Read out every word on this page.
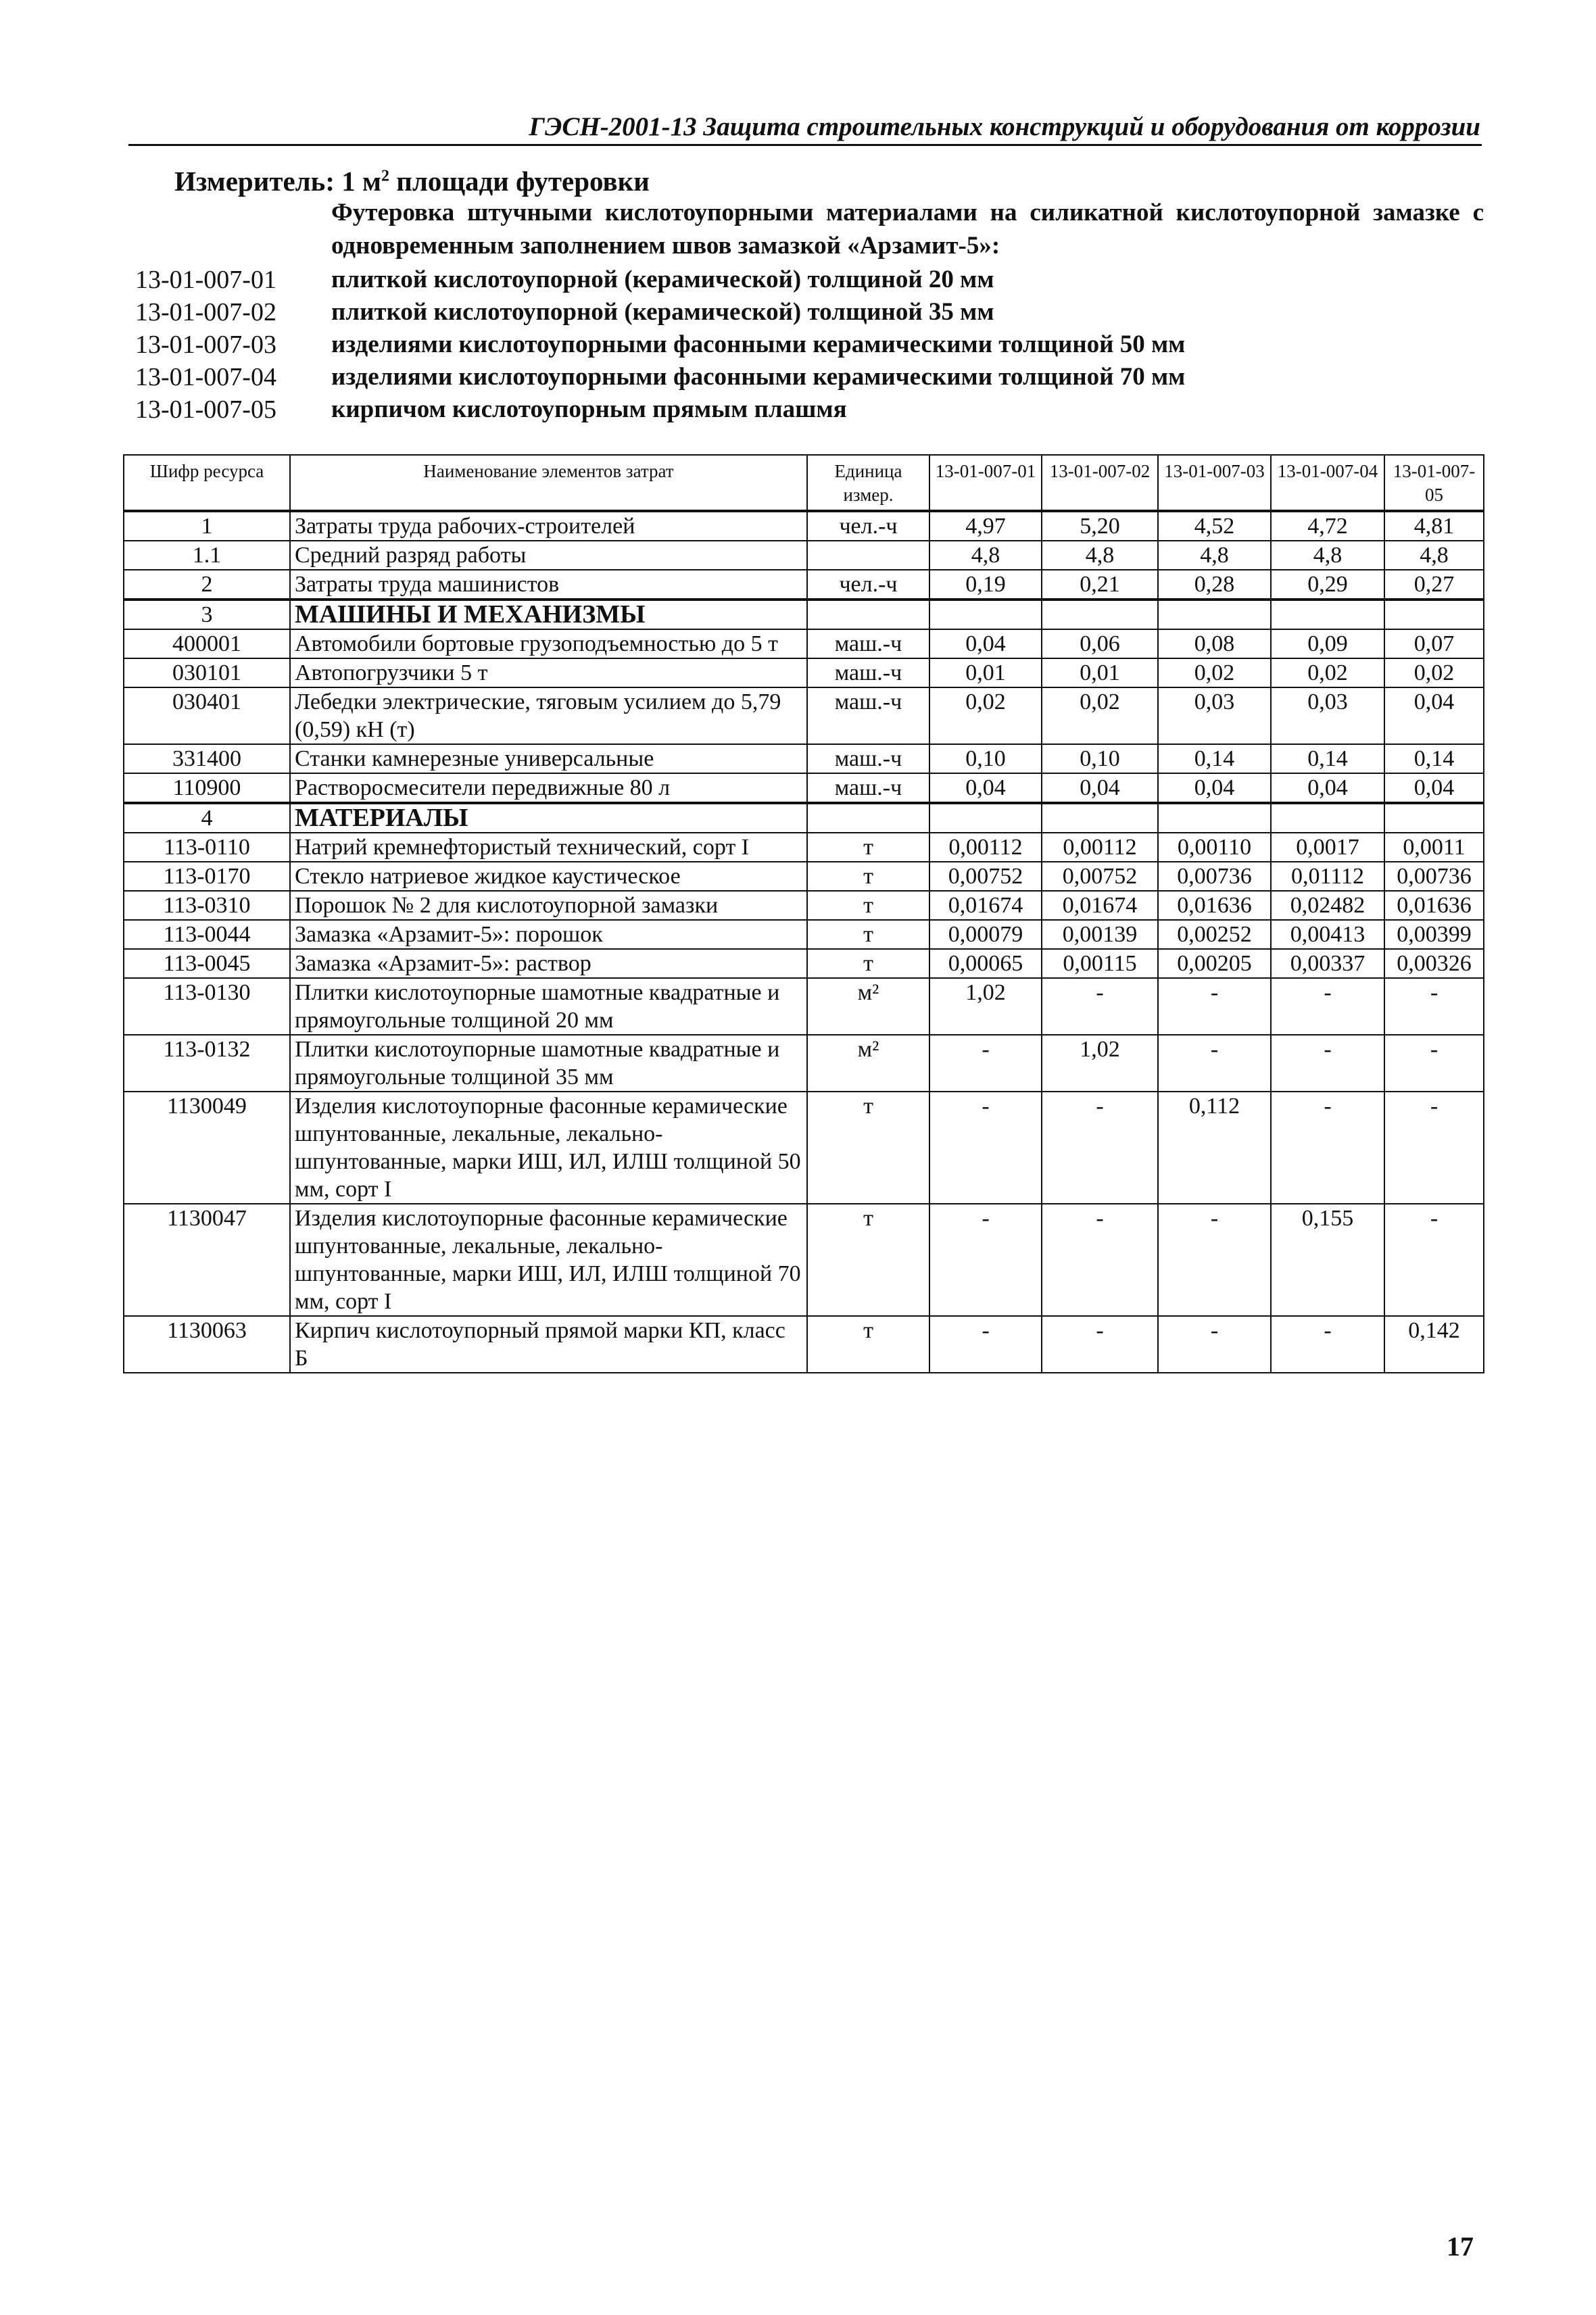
ГЭСН-2001-13 Защита строительных конструкций и оборудования от коррозии
Измеритель: 1 $м^2$ площади футеровки
Футеровка штучными кислотоупорными материалами на силикатной кислотоупорной замазке с одновременным заполнением швов замазкой «Арзамит-5»:
13-01-007-01 плиткой кислотоупорной (керамической) толщиной 20 мм
13-01-007-02 плиткой кислотоупорной (керамической) толщиной 35 мм
13-01-007-03 изделиями кислотоупорными фасонными керамическими толщиной 50 мм
13-01-007-04 изделиями кислотоупорными фасонными керамическими толщиной 70 мм
13-01-007-05 кирпичом кислотоупорным прямым плашмя
Шифр ресурса	Наименование элементов затрат	Единица измер.	13-01-007-01	13-01-007-02	13-01-007-03	13-01-007-04	13-01-007-05
1	Затраты труда рабочих-строителей	чел.-ч	4,97	5,20	4,52	4,72	4,81
1.1	Средний разряд работы		4,8	4,8	4,8	4,8	4,8
2	Затраты труда машинистов	чел.-ч	0,19	0,21	0,28	0,29	0,27
3	МАШИНЫ И МЕХАНИЗМЫ						
400001	Автомобили бортовые грузоподъемностью до 5 т	маш.-ч	0,04	0,06	0,08	0,09	0,07
030101	Автопогрузчики 5 т	маш.-ч	0,01	0,01	0,02	0,02	0,02
030401	Лебедки электрические, тяговым усилием до 5,79 (0,59) кН (т)	маш.-ч	0,02	0,02	0,03	0,03	0,04
331400	Станки камнерезные универсальные	маш.-ч	0,10	0,10	0,14	0,14	0,14
110900	Растворосмесители передвижные 80 л	маш.-ч	0,04	0,04	0,04	0,04	0,04
4	МАТЕРИАЛЫ						
113-0110	Натрий кремнефтористый технический, сорт I	т	0,00112	0,00112	0,00110	0,0017	0,0011
113-0170	Стекло натриевое жидкое каустическое	т	0,00752	0,00752	0,00736	0,01112	0,00736
113-0310	Порошок № 2 для кислотоупорной замазки	т	0,01674	0,01674	0,01636	0,02482	0,01636
113-0044	Замазка «Арзамит-5»: порошок	т	0,00079	0,00139	0,00252	0,00413	0,00399
113-0045	Замазка «Арзамит-5»: раствор	т	0,00065	0,00115	0,00205	0,00337	0,00326
113-0130	Плитки кислотоупорные шамотные квадратные и прямоугольные толщиной 20 мм	м²	1,02	-	-	-	-
113-0132	Плитки кислотоупорные шамотные квадратные и прямоугольные толщиной 35 мм	м²	-	1,02	-	-	-
1130049	Изделия кислотоупорные фасонные керамические шпунтованные, лекальные, лекально-шпунтованные, марки ИШ, ИЛ, ИЛШ толщиной 50 мм, сорт I	т	-	-	0,112	-	-
1130047	Изделия кислотоупорные фасонные керамические шпунтованные, лекальные, лекально-шпунтованные, марки ИШ, ИЛ, ИЛШ толщиной 70 мм, сорт I	т	-	-	-	0,155	-
1130063	Кирпич кислотоупорный прямой марки КП, класс Б	т	-	-	-	-	0,142
17
